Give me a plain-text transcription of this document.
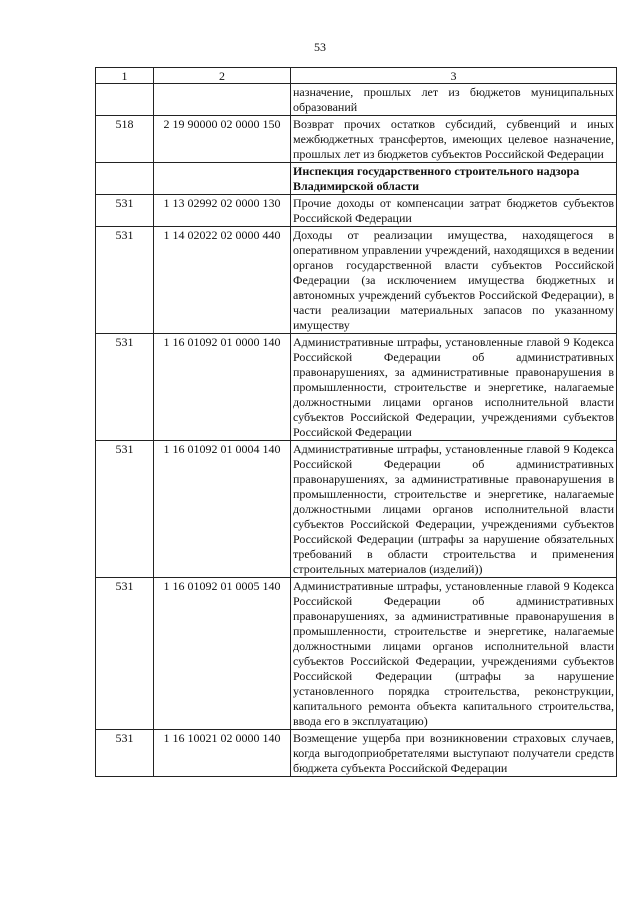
53
1	2	3
		назначение, прошлых лет из бюджетов муниципальных образований
518	2 19 90000 02 0000 150	Возврат прочих остатков субсидий, субвенций и иных межбюджетных трансфертов, имеющих целевое назначение, прошлых лет из бюджетов субъектов Российской Федерации
		Инспекция государственного строительного надзора Владимирской области
531	1 13 02992 02 0000 130	Прочие доходы от компенсации затрат бюджетов субъектов Российской Федерации
531	1 14 02022 02 0000 440	Доходы от реализации имущества, находящегося в оперативном управлении учреждений, находящихся в ведении органов государственной власти субъектов Российской Федерации (за исключением имущества бюджетных и автономных учреждений субъектов Российской Федерации), в части реализации материальных запасов по указанному имуществу
531	1 16 01092 01 0000 140	Административные штрафы, установленные главой 9 Кодекса Российской Федерации об административных правонарушениях, за административные правонарушения в промышленности, строительстве и энергетике, налагаемые должностными лицами органов исполнительной власти субъектов Российской Федерации, учреждениями субъектов Российской Федерации
531	1 16 01092 01 0004 140	Административные штрафы, установленные главой 9 Кодекса Российской Федерации об административных правонарушениях, за административные правонарушения в промышленности, строительстве и энергетике, налагаемые должностными лицами органов исполнительной власти субъектов Российской Федерации, учреждениями субъектов Российской Федерации (штрафы за нарушение обязательных требований в области строительства и применения строительных материалов (изделий))
531	1 16 01092 01 0005 140	Административные штрафы, установленные главой 9 Кодекса Российской Федерации об административных правонарушениях, за административные правонарушения в промышленности, строительстве и энергетике, налагаемые должностными лицами органов исполнительной власти субъектов Российской Федерации, учреждениями субъектов Российской Федерации (штрафы за нарушение установленного порядка строительства, реконструкции, капитального ремонта объекта капитального строительства, ввода его в эксплуатацию)
531	1 16 10021 02 0000 140	Возмещение ущерба при возникновении страховых случаев, когда выгодоприобретателями выступают получатели средств бюджета субъекта Российской Федерации
